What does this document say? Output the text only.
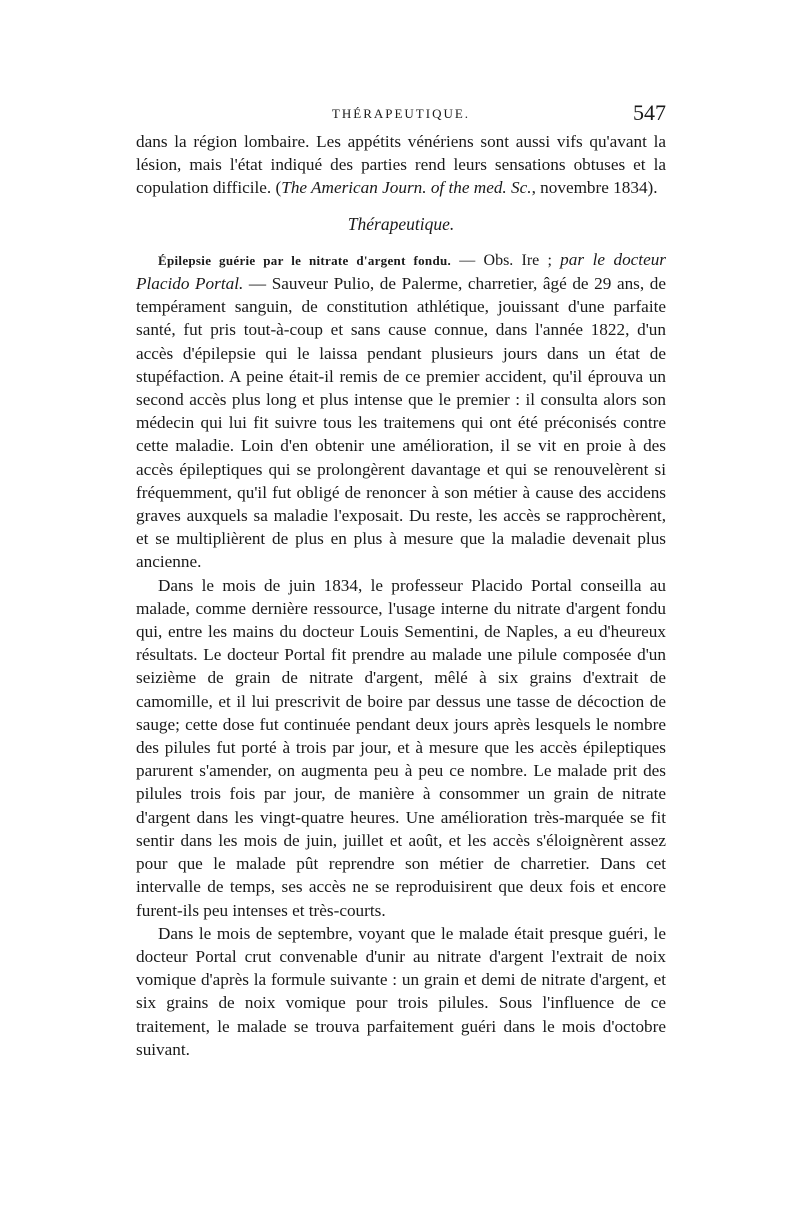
THÉRAPEUTIQUE.	547

dans la région lombaire. Les appétits vénériens sont aussi vifs qu'avant la lésion, mais l'état indiqué des parties rend leurs sensations obtuses et la copulation difficile. (The American Journ. of the med. Sc., novembre 1834).

Thérapeutique.

Épilepsie guérie par le nitrate d'argent fondu. — Obs. Ire ; par le docteur Placido Portal. — Sauveur Pulio, de Palerme, charretier, âgé de 29 ans, de tempérament sanguin, de constitution athlétique, jouissant d'une parfaite santé, fut pris tout-à-coup et sans cause connue, dans l'année 1822, d'un accès d'épilepsie qui le laissa pendant plusieurs jours dans un état de stupéfaction. A peine était-il remis de ce premier accident, qu'il éprouva un second accès plus long et plus intense que le premier : il consulta alors son médecin qui lui fit suivre tous les traitemens qui ont été préconisés contre cette maladie. Loin d'en obtenir une amélioration, il se vit en proie à des accès épileptiques qui se prolongèrent davantage et qui se renouvelèrent si fréquemment, qu'il fut obligé de renoncer à son métier à cause des accidens graves auxquels sa maladie l'exposait. Du reste, les accès se rapprochèrent, et se multiplièrent de plus en plus à mesure que la maladie devenait plus ancienne.

Dans le mois de juin 1834, le professeur Placido Portal conseilla au malade, comme dernière ressource, l'usage interne du nitrate d'argent fondu qui, entre les mains du docteur Louis Sementini, de Naples, a eu d'heureux résultats. Le docteur Portal fit prendre au malade une pilule composée d'un seizième de grain de nitrate d'argent, mêlé à six grains d'extrait de camomille, et il lui prescrivit de boire par dessus une tasse de décoction de sauge; cette dose fut continuée pendant deux jours après lesquels le nombre des pilules fut porté à trois par jour, et à mesure que les accès épileptiques parurent s'amender, on augmenta peu à peu ce nombre. Le malade prit des pilules trois fois par jour, de manière à consommer un grain de nitrate d'argent dans les vingt-quatre heures. Une amélioration très-marquée se fit sentir dans les mois de juin, juillet et août, et les accès s'éloignèrent assez pour que le malade pût reprendre son métier de charretier. Dans cet intervalle de temps, ses accès ne se reproduisirent que deux fois et encore furent-ils peu intenses et très-courts.

Dans le mois de septembre, voyant que le malade était presque guéri, le docteur Portal crut convenable d'unir au nitrate d'argent l'extrait de noix vomique d'après la formule suivante : un grain et demi de nitrate d'argent, et six grains de noix vomique pour trois pilules. Sous l'influence de ce traitement, le malade se trouva parfaitement guéri dans le mois d'octobre suivant.
